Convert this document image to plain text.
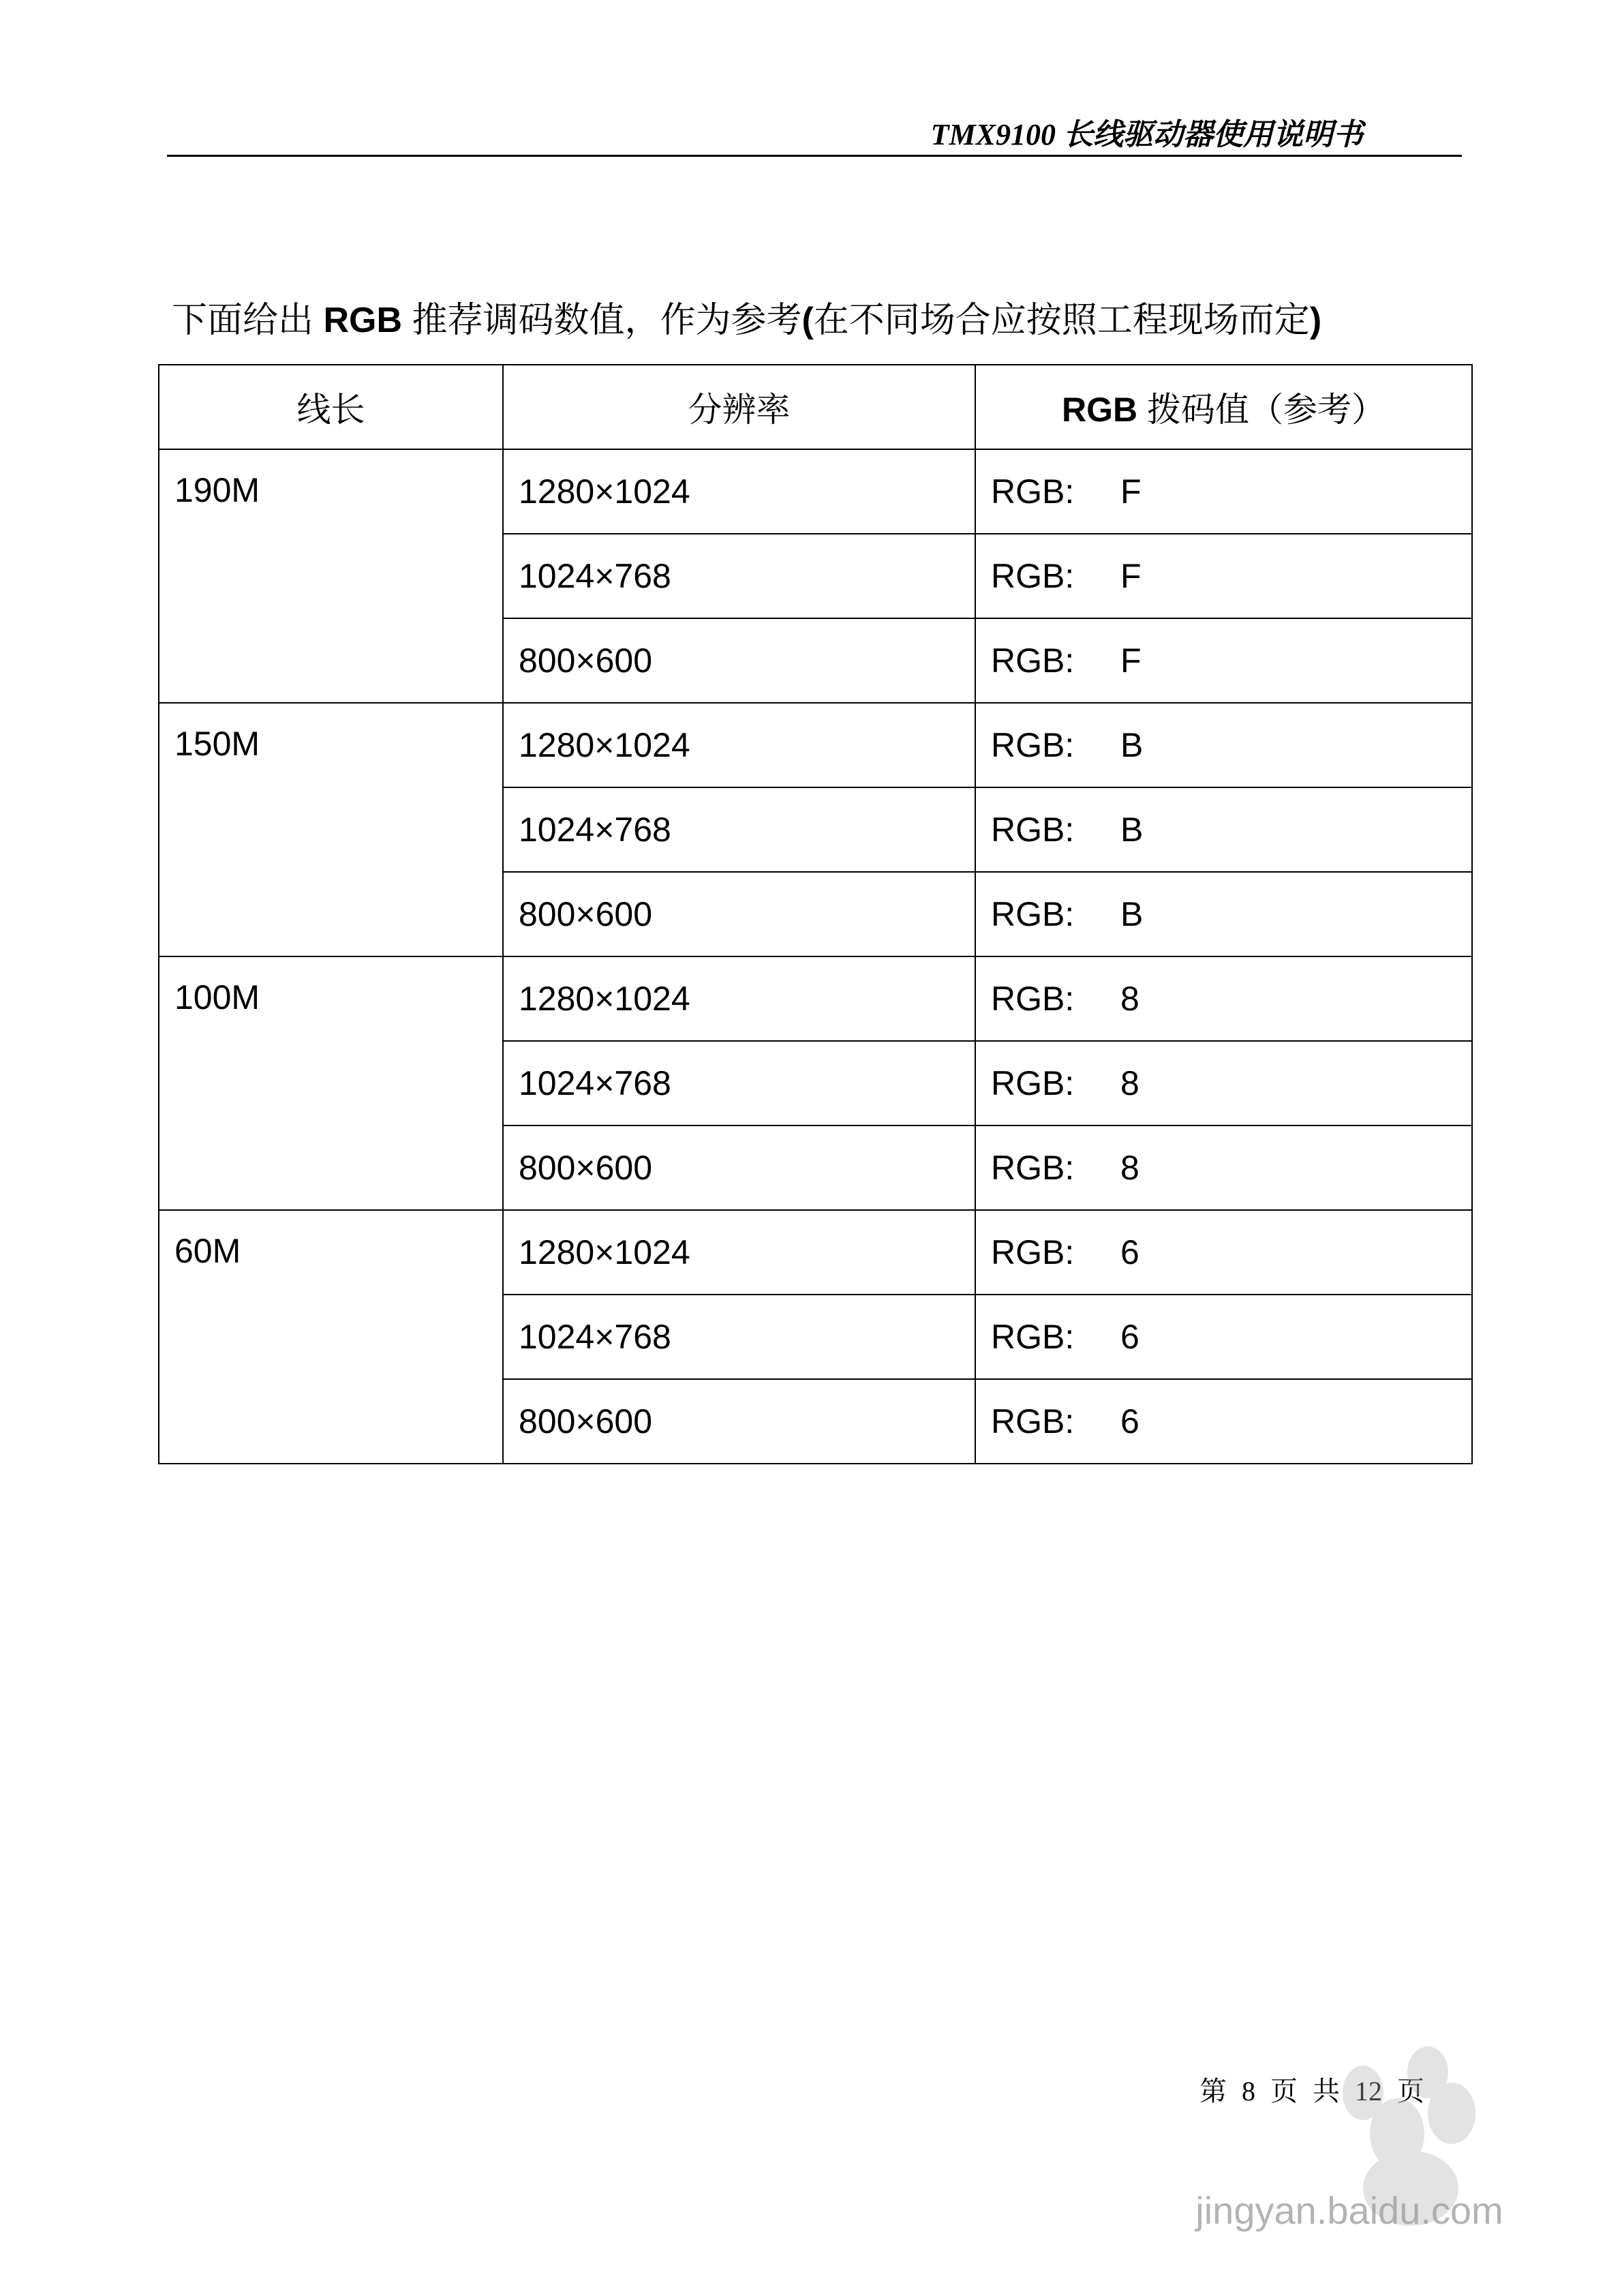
TMX9100 长线驱动器使用说明书
下面给出 RGB 推荐调码数值，作为参考(在不同场合应按照工程现场而定)
线长	分辨率	RGB 拨码值（参考）
190M	1280×1024	RGB: F
	1024×768	RGB: F
	800×600	RGB: F
150M	1280×1024	RGB: B
	1024×768	RGB: B
	800×600	RGB: B
100M	1280×1024	RGB: 8
	1024×768	RGB: 8
	800×600	RGB: 8
60M	1280×1024	RGB: 6
	1024×768	RGB: 6
	800×600	RGB: 6
第 8 页 共 12 页
jingyan.baidu.com
